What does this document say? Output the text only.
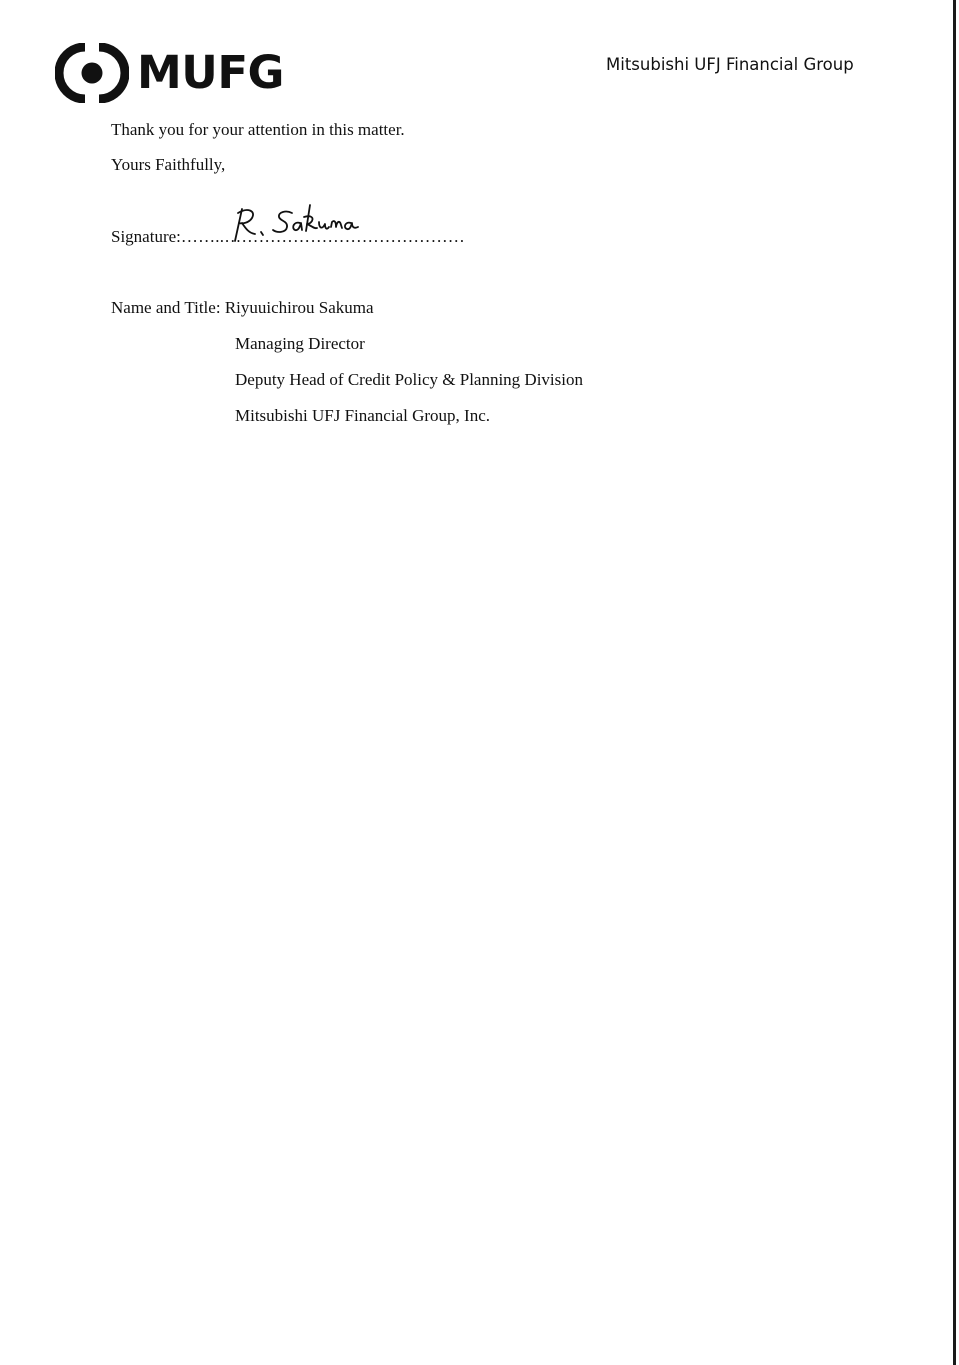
MUFG	Mitsubishi UFJ Financial Group
Thank you for your attention in this matter.
Yours Faithfully,
Signature:……..……………………………………
Name and Title: Riyuuichirou Sakuma
Managing Director
Deputy Head of Credit Policy & Planning Division
Mitsubishi UFJ Financial Group, Inc.
